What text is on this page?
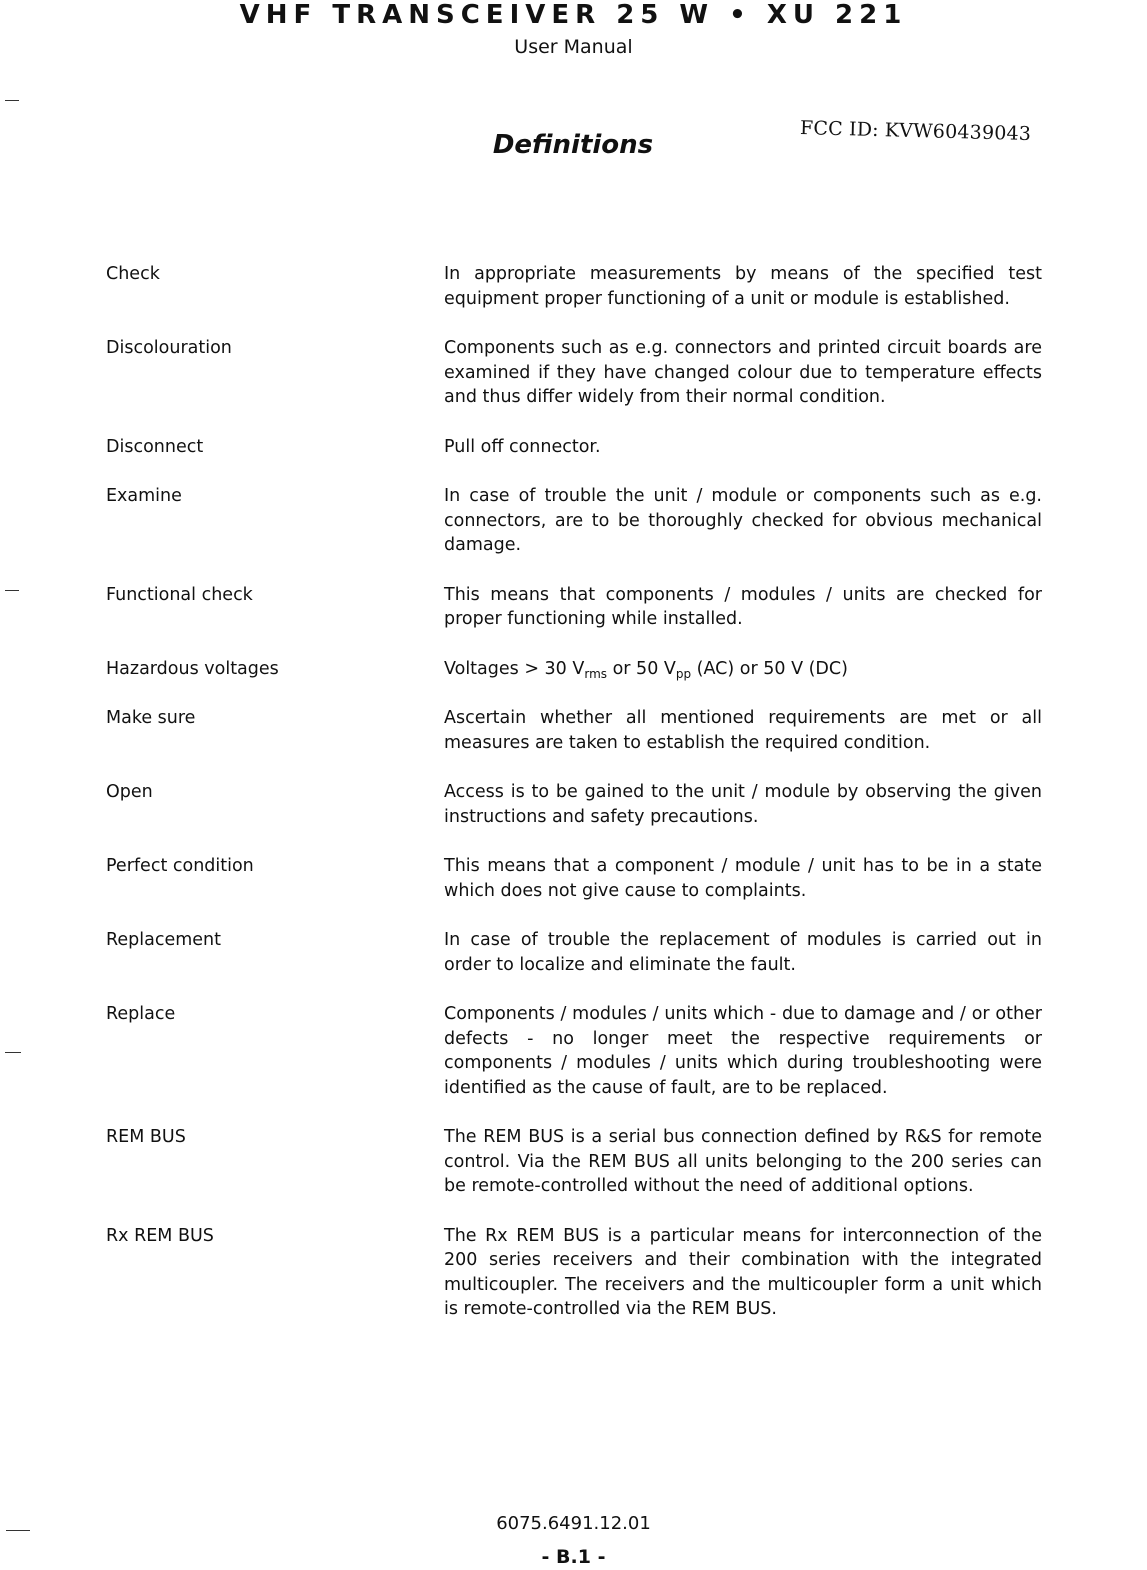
VHF TRANSCEIVER 25 W • XU 221
User Manual
Definitions
FCC ID: KVW60439043
Check	In appropriate measurements by means of the specified test equipment proper functioning of a unit or module is established.
Discolouration	Components such as e.g. connectors and printed circuit boards are examined if they have changed colour due to temperature effects and thus differ widely from their normal condition.
Disconnect	Pull off connector.
Examine	In case of trouble the unit / module or components such as e.g. connectors, are to be thoroughly checked for obvious mechanical damage.
Functional check	This means that components / modules / units are checked for proper functioning while installed.
Hazardous voltages	Voltages > 30 $V_{rms}$ or 50 $V_{pp}$ (AC) or 50 V (DC)
Make sure	Ascertain whether all mentioned requirements are met or all measures are taken to establish the required condition.
Open	Access is to be gained to the unit / module by observing the given instructions and safety precautions.
Perfect condition	This means that a component / module / unit has to be in a state which does not give cause to complaints.
Replacement	In case of trouble the replacement of modules is carried out in order to localize and eliminate the fault.
Replace	Components / modules / units which - due to damage and / or other defects - no longer meet the respective requirements or components / modules / units which during troubleshooting were identified as the cause of fault, are to be replaced.
REM BUS	The REM BUS is a serial bus connection defined by R&S for remote control. Via the REM BUS all units belonging to the 200 series can be remote-controlled without the need of additional options.
Rx REM BUS	The Rx REM BUS is a particular means for interconnection of the 200 series receivers and their combination with the integrated multicoupler. The receivers and the multicoupler form a unit which is remote-controlled via the REM BUS.
6075.6491.12.01
- B.1 -
